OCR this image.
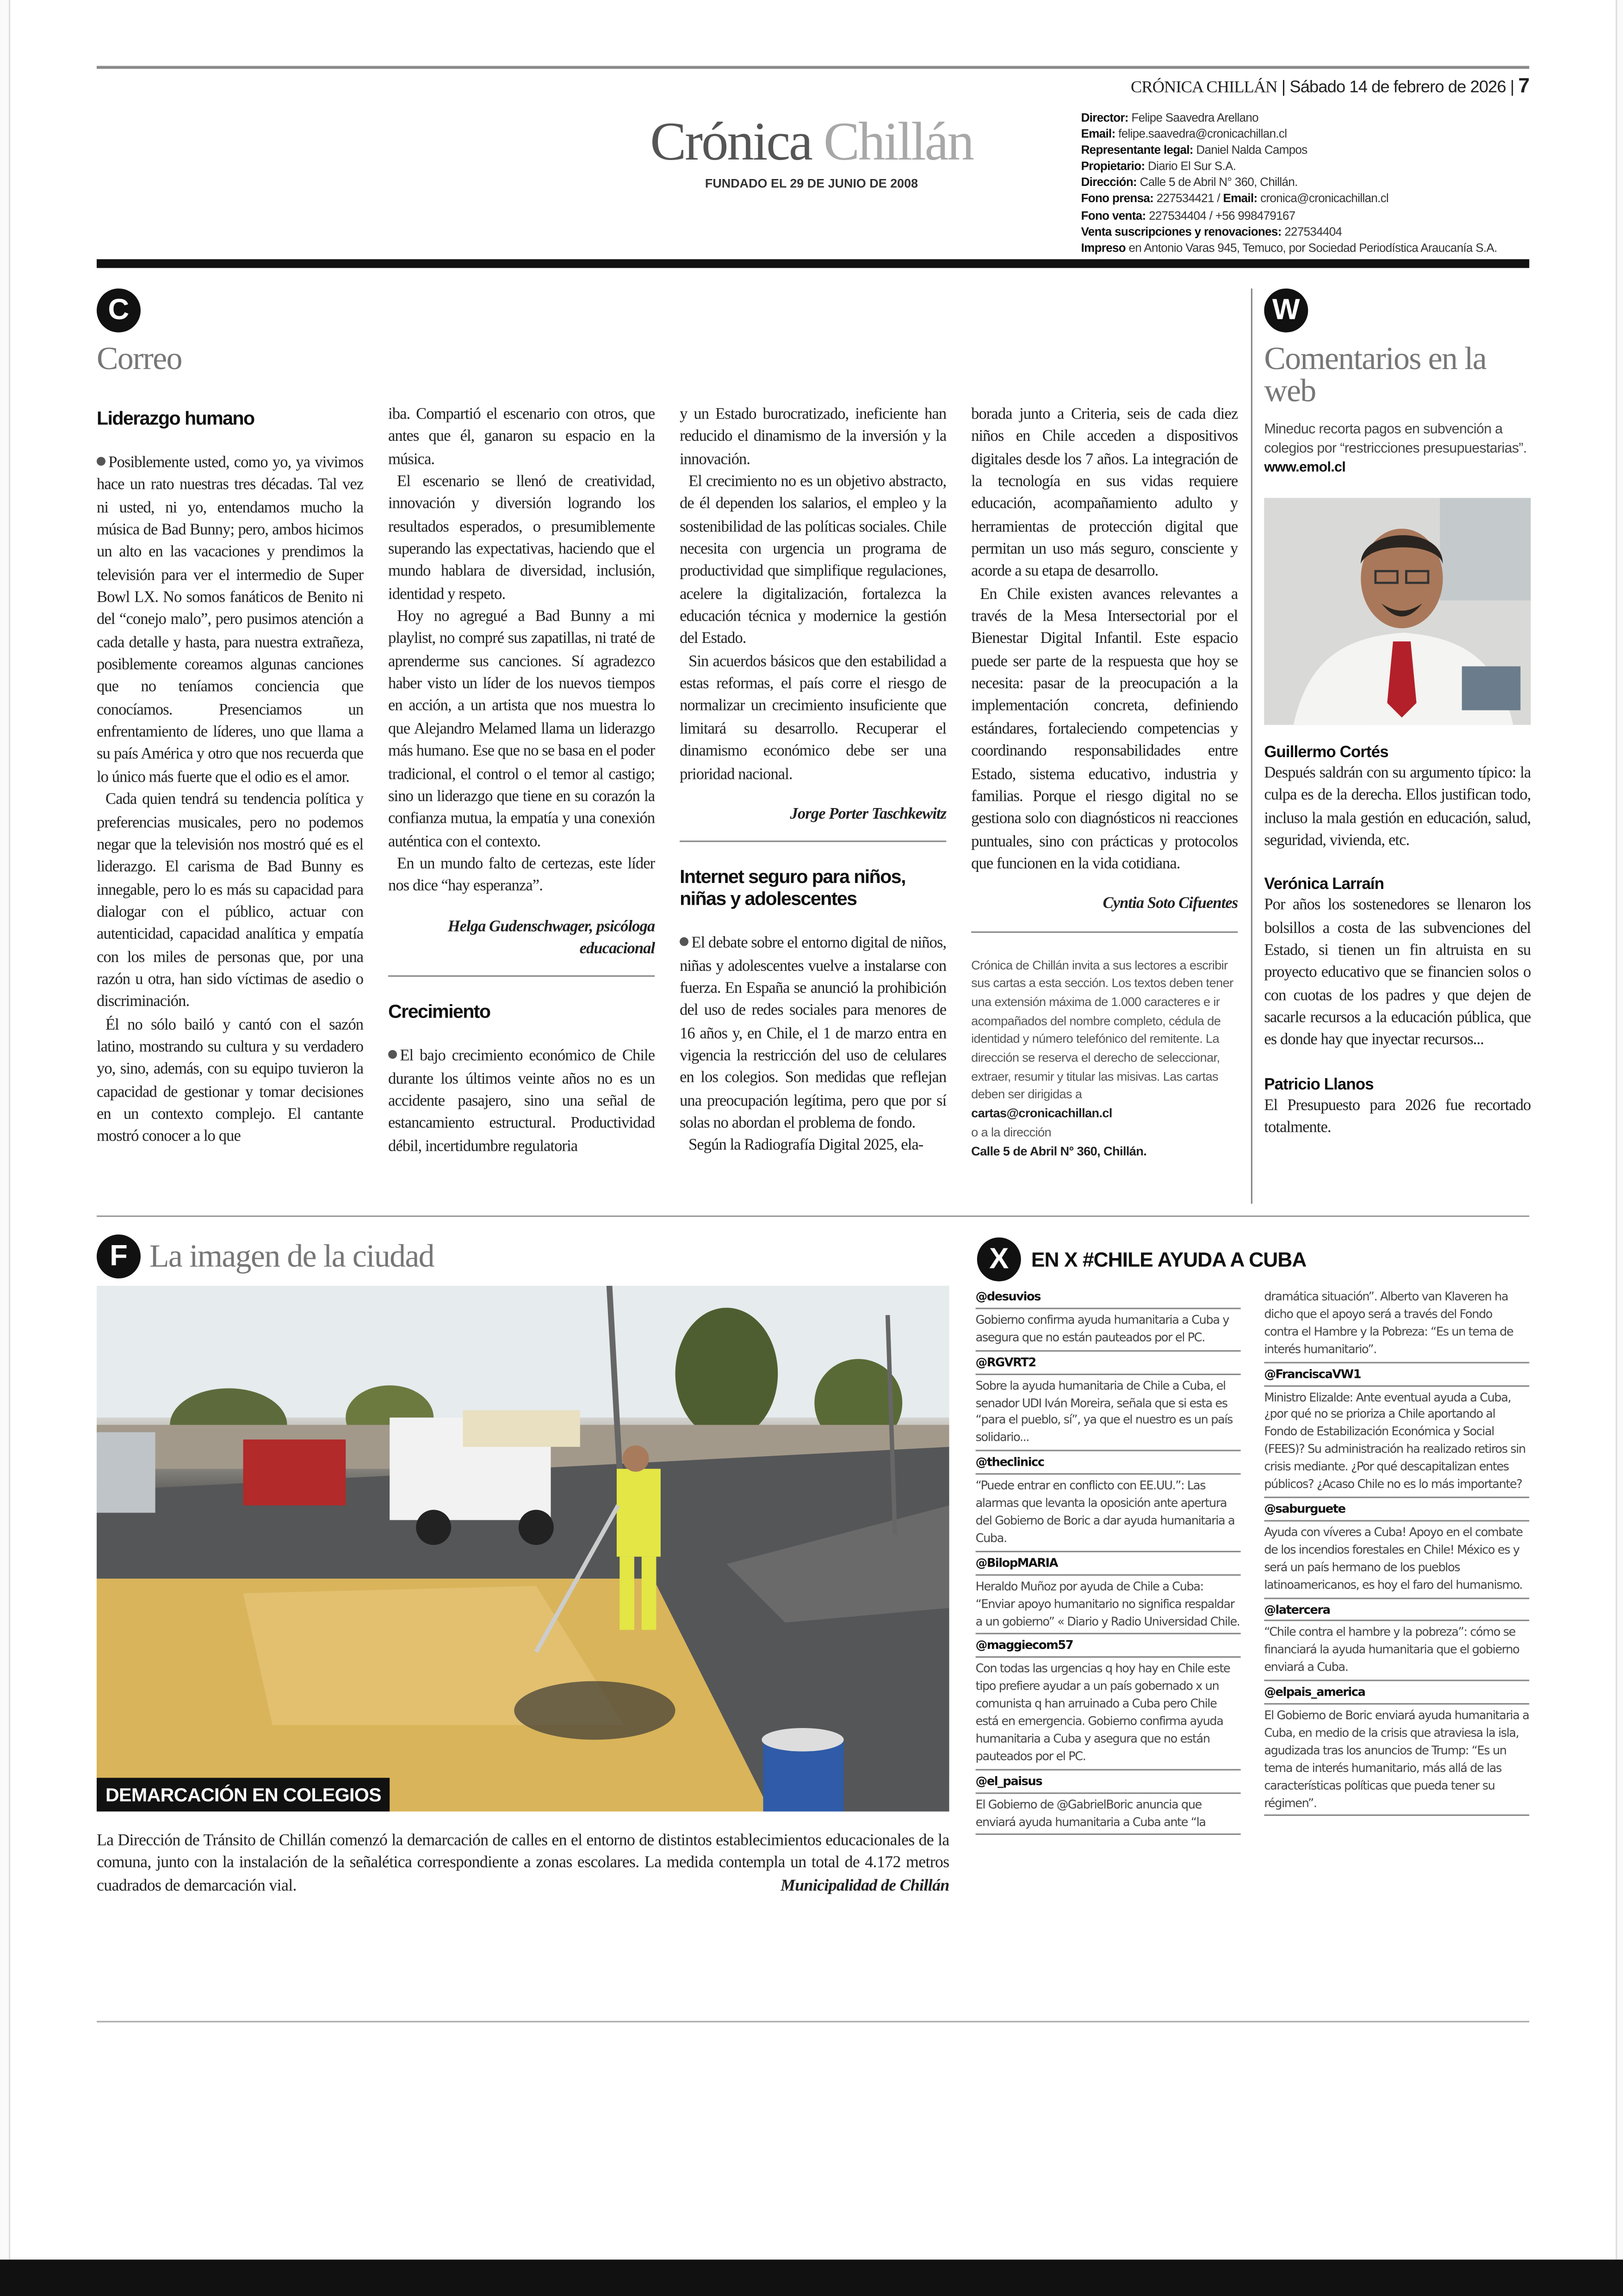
CRÓNICA CHILLÁN | Sábado 14 de febrero de 2026 | 7
Crónica Chillán
FUNDADO EL 29 DE JUNIO DE 2008
Director: Felipe Saavedra Arellano
Email: felipe.saavedra@cronicachillan.cl
Representante legal: Daniel Nalda Campos
Propietario: Diario El Sur S.A.
Dirección: Calle 5 de Abril N° 360, Chillán.
Fono prensa: 227534421 / Email: cronica@cronicachillan.cl
Fono venta: 227534404 / +56 998479167
Venta suscripciones y renovaciones: 227534404
Impreso en Antonio Varas 945, Temuco, por Sociedad Periodística Araucanía S.A.
C
Correo
Liderazgo humano

Posiblemente usted, como yo, ya vivimos hace un rato nuestras tres décadas. Tal vez ni usted, ni yo, entendamos mucho la música de Bad Bunny; pero, ambos hicimos un alto en las vacaciones y prendimos la televisión para ver el intermedio de Super Bowl LX. No somos fanáticos de Benito ni del “conejo malo”, pero pusimos atención a cada detalle y hasta, para nuestra extrañeza, posiblemente coreamos algunas canciones que no teníamos conciencia que conocíamos. Presenciamos un enfrentamiento de líderes, uno que llama a su país América y otro que nos recuerda que lo único más fuerte que el odio es el amor.

Cada quien tendrá su tendencia política y preferencias musicales, pero no podemos negar que la televisión nos mostró qué es el liderazgo. El carisma de Bad Bunny es innegable, pero lo es más su capacidad para dialogar con el público, actuar con autenticidad, capacidad analítica y empatía con los miles de personas que, por una razón u otra, han sido víctimas de asedio o discriminación.

Él no sólo bailó y cantó con el sazón latino, mostrando su cultura y su verdadero yo, sino, además, con su equipo tuvieron la capacidad de gestionar y tomar decisiones en un contexto complejo. El cantante mostró conocer a lo que

iba. Compartió el escenario con otros, que antes que él, ganaron su espacio en la música.

El escenario se llenó de creatividad, innovación y diversión logrando los resultados esperados, o presumiblemente superando las expectativas, haciendo que el mundo hablara de diversidad, inclusión, identidad y respeto.

Hoy no agregué a Bad Bunny a mi playlist, no compré sus zapatillas, ni traté de aprenderme sus canciones. Sí agradezco haber visto un líder de los nuevos tiempos en acción, a un artista que nos muestra lo que Alejandro Melamed llama un liderazgo más humano. Ese que no se basa en el poder tradicional, el control o el temor al castigo; sino un liderazgo que tiene en su corazón la confianza mutua, la empatía y una conexión auténtica con el contexto.

En un mundo falto de certezas, este líder nos dice “hay esperanza”.

Helga Gudenschwager, psicóloga educacional

Crecimiento

El bajo crecimiento económico de Chile durante los últimos veinte años no es un accidente pasajero, sino una señal de estancamiento estructural. Productividad débil, incertidumbre regulatoria

y un Estado burocratizado, ineficiente han reducido el dinamismo de la inversión y la innovación.

El crecimiento no es un objetivo abstracto, de él dependen los salarios, el empleo y la sostenibilidad de las políticas sociales. Chile necesita con urgencia un programa de productividad que simplifique regulaciones, acelere la digitalización, fortalezca la educación técnica y modernice la gestión del Estado.

Sin acuerdos básicos que den estabilidad a estas reformas, el país corre el riesgo de normalizar un crecimiento insuficiente que limitará su desarrollo. Recuperar el dinamismo económico debe ser una prioridad nacional.

Jorge Porter Taschkewitz

Internet seguro para niños, niñas y adolescentes

El debate sobre el entorno digital de niños, niñas y adolescentes vuelve a instalarse con fuerza. En España se anunció la prohibición del uso de redes sociales para menores de 16 años y, en Chile, el 1 de marzo entra en vigencia la restricción del uso de celulares en los colegios. Son medidas que reflejan una preocupación legítima, pero que por sí solas no abordan el problema de fondo.

Según la Radiografía Digital 2025, ela-

borada junto a Criteria, seis de cada diez niños en Chile acceden a dispositivos digitales desde los 7 años. La integración de la tecnología en sus vidas requiere educación, acompañamiento adulto y herramientas de protección digital que permitan un uso más seguro, consciente y acorde a su etapa de desarrollo.

En Chile existen avances relevantes a través de la Mesa Intersectorial por el Bienestar Digital Infantil. Este espacio puede ser parte de la respuesta que hoy se necesita: pasar de la preocupación a la implementación concreta, definiendo estándares, fortaleciendo competencias y coordinando responsabilidades entre Estado, sistema educativo, industria y familias. Porque el riesgo digital no se gestiona solo con diagnósticos ni reacciones puntuales, sino con prácticas y protocolos que funcionen en la vida cotidiana.

Cyntia Soto Cifuentes

Crónica de Chillán invita a sus lectores a escribir sus cartas a esta sección. Los textos deben tener una extensión máxima de 1.000 caracteres e ir acompañados del nombre completo, cédula de identidad y número telefónico del remitente. La dirección se reserva el derecho de seleccionar, extraer, resumir y titular las misivas. Las cartas deben ser dirigidas a
cartas@cronicachillan.cl
o a la dirección
Calle 5 de Abril N° 360, Chillán.
W
Comentarios en la web
Mineduc recorta pagos en subvención a colegios por “restricciones presupuestarias”. www.emol.cl
Guillermo Cortés
Después saldrán con su argumento típico: la culpa es de la derecha. Ellos justifican todo, incluso la mala gestión en educación, salud, seguridad, vivienda, etc.
Verónica Larraín
Por años los sostenedores se llenaron los bolsillos a costa de las subvenciones del Estado, si tienen un fin altruista en su proyecto educativo que se financien solos o con cuotas de los padres y que dejen de sacarle recursos a la educación pública, que es donde hay que inyectar recursos...
Patricio Llanos
El Presupuesto para 2026 fue recortado totalmente.
F	La imagen de la ciudad
DEMARCACIÓN EN COLEGIOS
La Dirección de Tránsito de Chillán comenzó la demarcación de calles en el entorno de distintos establecimientos educacionales de la comuna, junto con la instalación de la señalética correspondiente a zonas escolares. La medida contempla un total de 4.172 metros cuadrados de demarcación vial.	Municipalidad de Chillán
X	EN X #CHILE AYUDA A CUBA
@desuvios
Gobierno confirma ayuda humanitaria a Cuba y asegura que no están pauteados por el PC.
@RGVRT2
Sobre la ayuda humanitaria de Chile a Cuba, el senador UDI Iván Moreira, señala que si esta es “para el pueblo, sí”, ya que el nuestro es un país solidario...
@theclinicc
“Puede entrar en conflicto con EE.UU.”: Las alarmas que levanta la oposición ante apertura del Gobierno de Boric a dar ayuda humanitaria a Cuba.
@BilopMARIA
Heraldo Muñoz por ayuda de Chile a Cuba: “Enviar apoyo humanitario no significa respaldar a un gobierno” « Diario y Radio Universidad Chile.
@maggiecom57
Con todas las urgencias q hoy hay en Chile este tipo prefiere ayudar a un país gobernado x un comunista q han arruinado a Cuba pero Chile está en emergencia. Gobierno confirma ayuda humanitaria a Cuba y asegura que no están pauteados por el PC.
@el_paisus
El Gobierno de @GabrielBoric anuncia que enviará ayuda humanitaria a Cuba ante “la
dramática situación”. Alberto van Klaveren ha dicho que el apoyo será a través del Fondo contra el Hambre y la Pobreza: “Es un tema de interés humanitario”.
@FranciscaVW1
Ministro Elizalde: Ante eventual ayuda a Cuba, ¿por qué no se prioriza a Chile aportando al Fondo de Estabilización Económica y Social (FEES)? Su administración ha realizado retiros sin crisis mediante. ¿Por qué descapitalizan entes públicos? ¿Acaso Chile no es lo más importante?
@saburguete
Ayuda con víveres a Cuba! Apoyo en el combate de los incendios forestales en Chile! México es y será un país hermano de los pueblos latinoamericanos, es hoy el faro del humanismo.
@latercera
“Chile contra el hambre y la pobreza”: cómo se financiará la ayuda humanitaria que el gobierno enviará a Cuba.
@elpais_america
El Gobierno de Boric enviará ayuda humanitaria a Cuba, en medio de la crisis que atraviesa la isla, agudizada tras los anuncios de Trump: “Es un tema de interés humanitario, más allá de las características políticas que pueda tener su régimen”.
